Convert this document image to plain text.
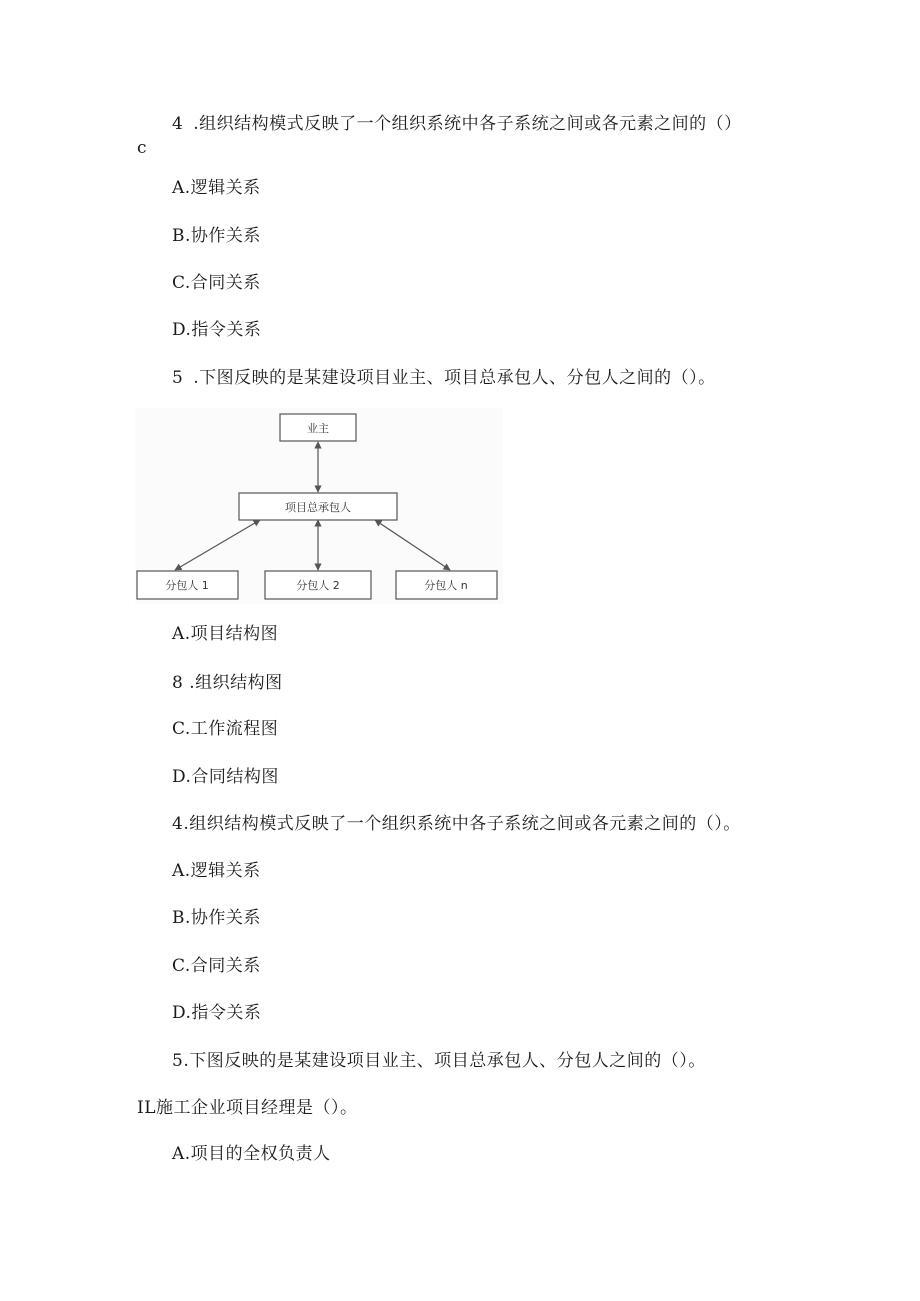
4 .组织结构模式反映了一个组织系统中各子系统之间或各元素之间的（）
c
A.逻辑关系
B.协作关系
C.合同关系
D.指令关系
5 .下图反映的是某建设项目业主、项目总承包人、分包人之间的（）。
业主
项目总承包人
分包人 1	分包人 2	分包人 n
A.项目结构图
8 .组织结构图
C.工作流程图
D.合同结构图
4.组织结构模式反映了一个组织系统中各子系统之间或各元素之间的（）。
A.逻辑关系
B.协作关系
C.合同关系
D.指令关系
5.下图反映的是某建设项目业主、项目总承包人、分包人之间的（）。
IL施工企业项目经理是（）。
A.项目的全权负责人
